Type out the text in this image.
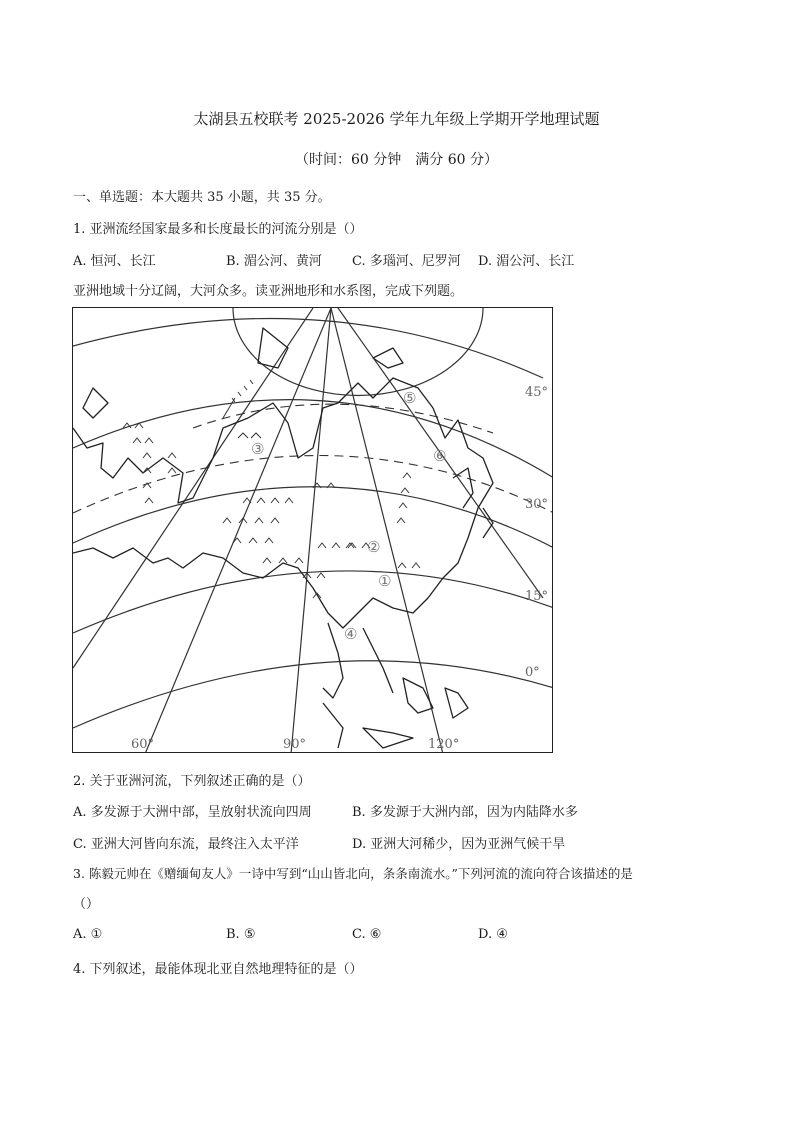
太湖县五校联考 2025-2026 学年九年级上学期开学地理试题
（时间：60 分钟　满分 60 分）
一、单选题：本大题共 35 小题，共 35 分。
1. 亚洲流经国家最多和长度最长的河流分别是（）
A. 恒河、长江	B. 湄公河、黄河 C. 多瑙河、尼罗河 D. 湄公河、长江
亚洲地域十分辽阔，大河众多。读亚洲地形和水系图，完成下列题。
③
⑤
⑥
②
①
④
45°
30°
15°
0°
60°	90°	120°
2. 关于亚洲河流，下列叙述正确的是（）
A. 多发源于大洲中部，呈放射状流向四周	B. 多发源于大洲内部，因为内陆降水多
C. 亚洲大河皆向东流，最终注入太平洋	D. 亚洲大河稀少，因为亚洲气候干旱
3. 陈毅元帅在《赠缅甸友人》一诗中写到“山山皆北向，条条南流水。”下列河流的流向符合该描述的是
（）
A. ①	B. ⑤	C. ⑥	D. ④
4. 下列叙述，最能体现北亚自然地理特征的是（）
